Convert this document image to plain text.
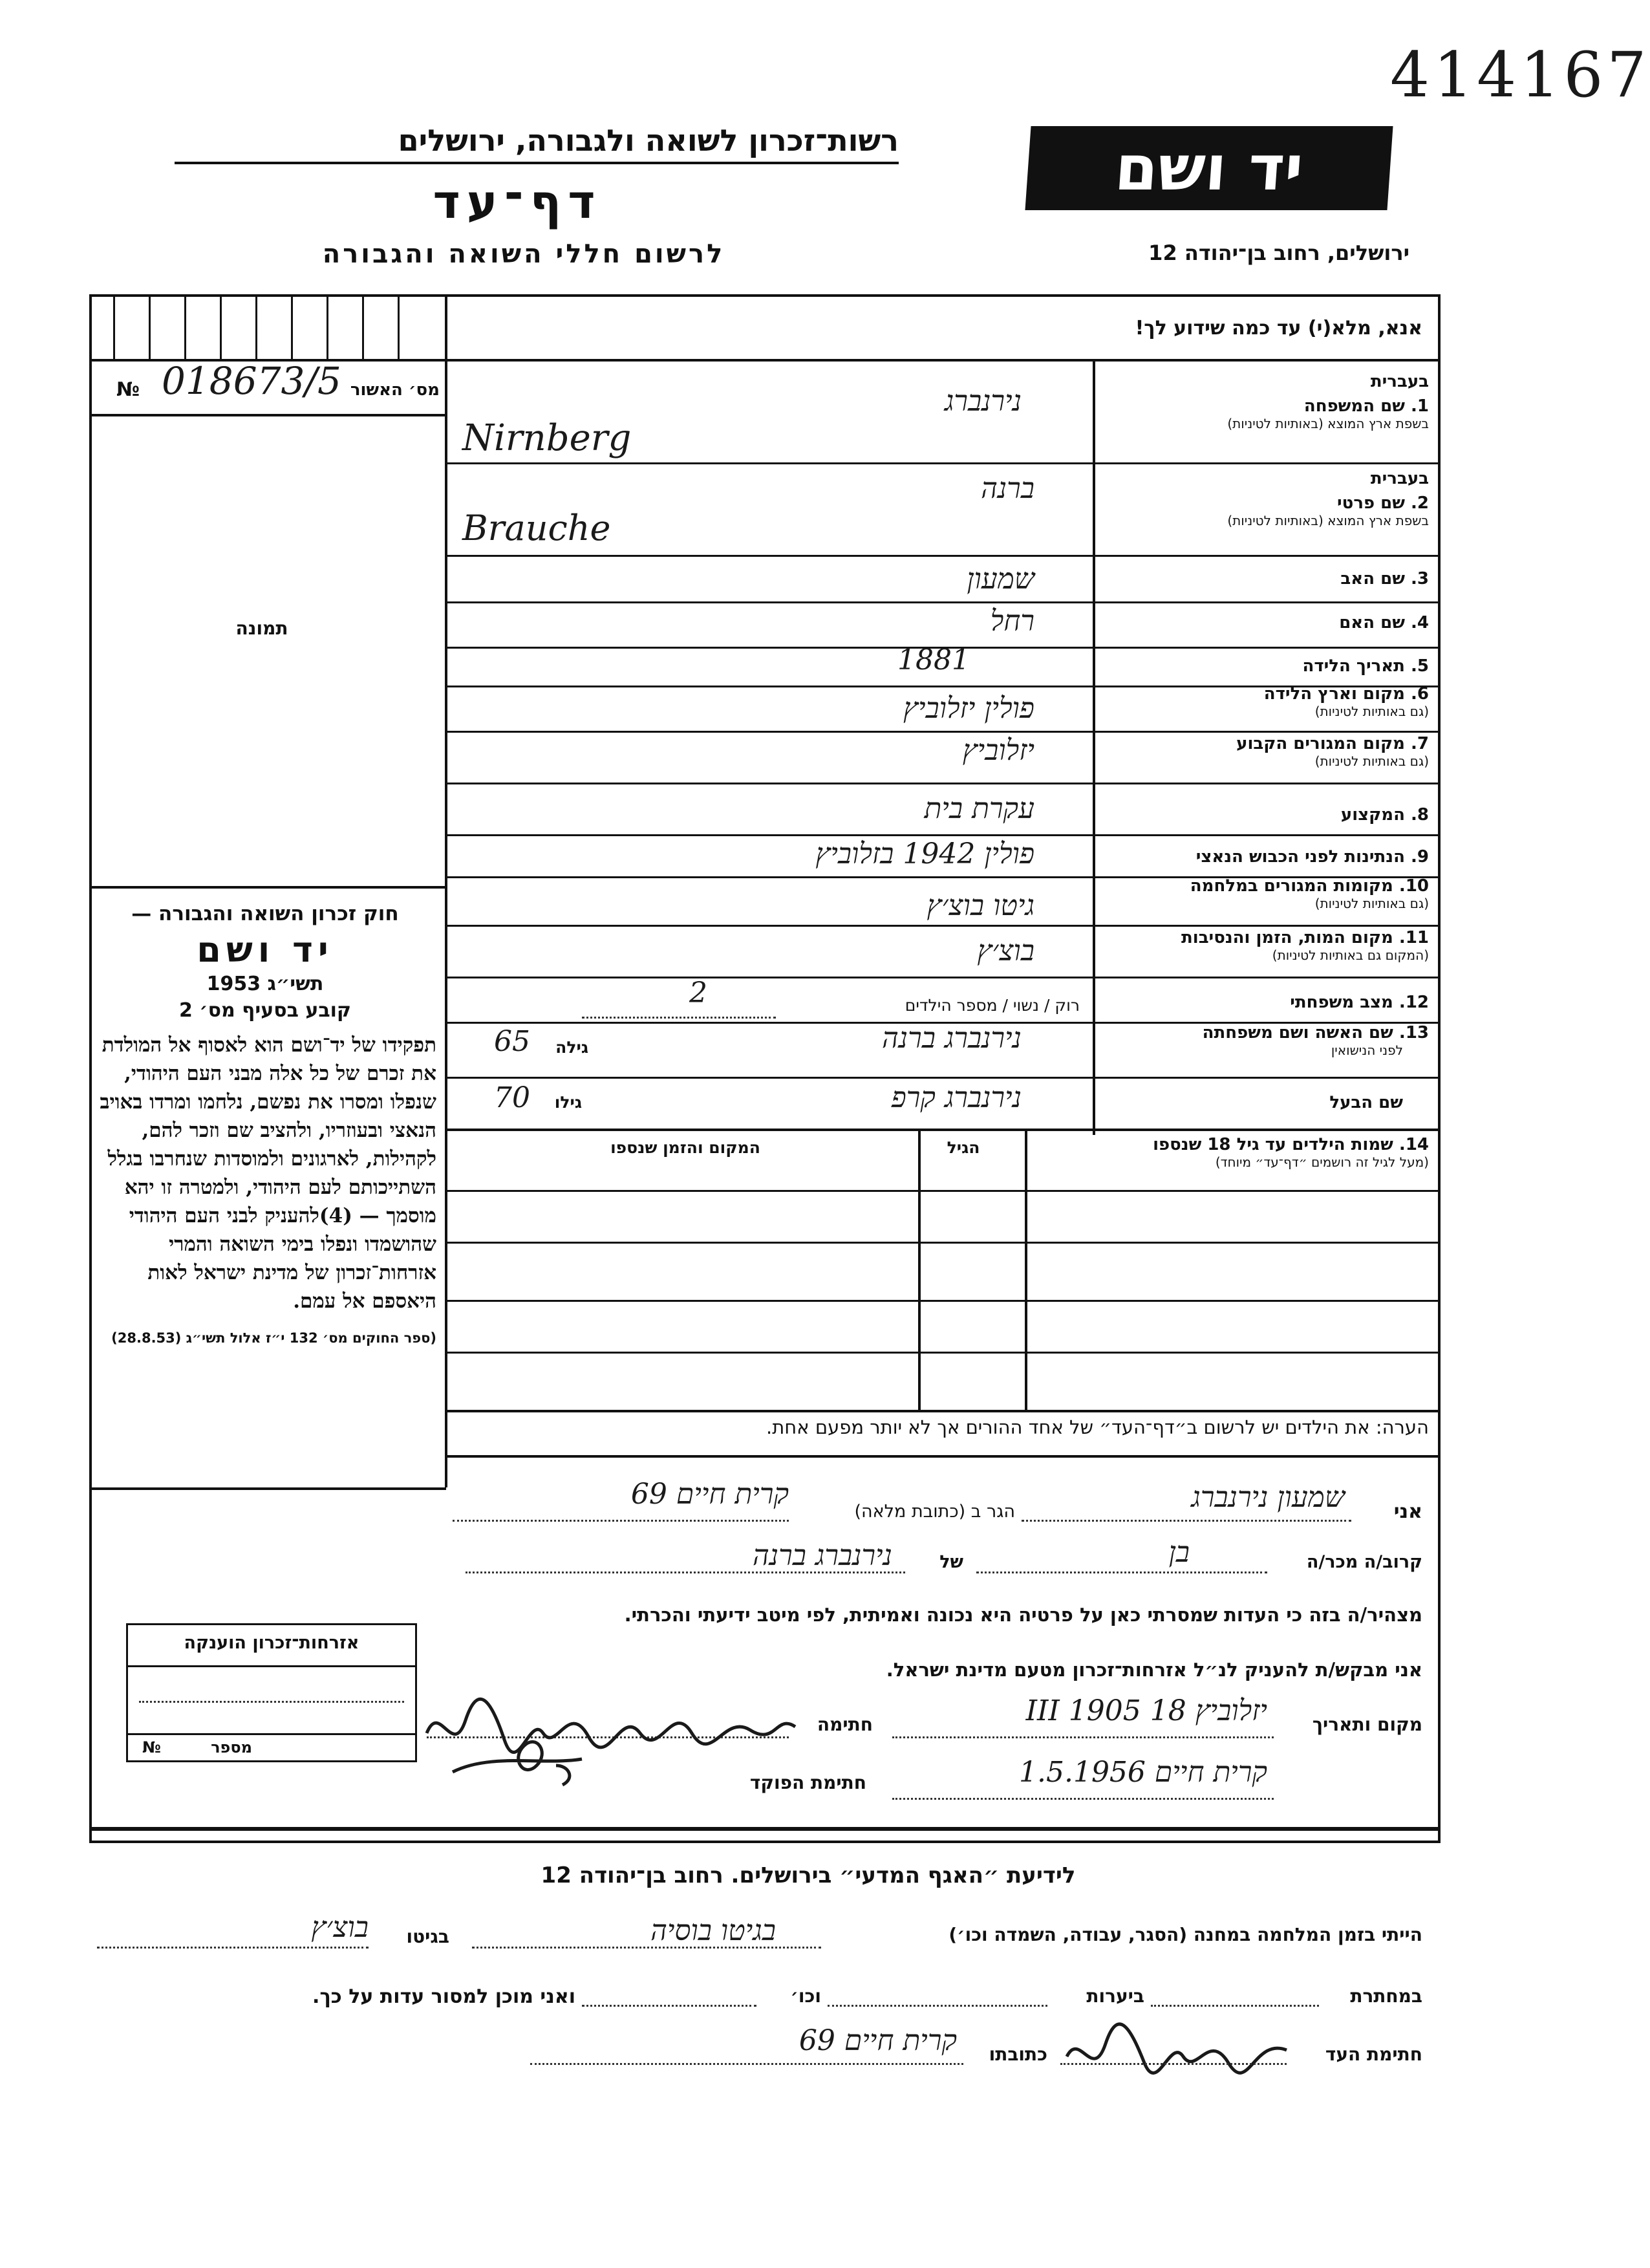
414167
רשות־זכרון לשואה ולגבורה, ירושלים
דף־עד
לרשום חללי השואה והגבורה
יד ושם
ירושלים, רחוב בן־יהודה 12
אנא, מלא(י) עד כמה שידוע לך!
№ 018673/5 מס׳ האשור
תמונה
חוק זכרון השואה והגבורה —
יד ושם
תשי״ג 1953
קובע בסעיף מס׳ 2
תפקידו של יד־ושם הוא לאסוף אל המולדת את זכרם של כל אלה מבני העם היהודי, שנפלו ומסרו את נפשם, נלחמו ומרדו באויב הנאצי ובעוזריו, ולהציב שם וזכר להם, לקהילות, לארגונים ולמוסדות שנחרבו בגלל השתייכותם לעם היהודי, ולמטרה זו יהא מוסמך — (4)להעניק לבני העם היהודי שהושמדו ונפלו בימי השואה והמרי אזרחות־זכרון של מדינת ישראל לאות היאספם אל עמם.
(ספר החוקים מס׳ 132 י״ז אלול תשי״ג (28.8.53)
בעברית
1. שם המשפחה
בשפת ארץ המוצא (באותיות לטיניות)
נירנברג
Nirnberg
בעברית
2. שם פרטי
בשפת ארץ המוצא (באותיות לטיניות)
ברנה
Brauche
3. שם האב
שמעון
4. שם האם
רחל
5. תאריך הלידה
1881
6. מקום וארץ הלידה
(גם באותיות לטיניות)
פולין יזלוביץ
7. מקום המגורים הקבוע
(גם באותיות לטיניות)
יזלוביץ
8. המקצוע
עקרת בית
9. הנתינות לפני הכבוש הנאצי
פולין 1942 בזלוביץ
10. מקומות המגורים במלחמה
(גם באותיות לטיניות)
גיטו בוצ׳ץ
11. מקום המות, הזמן והנסיבות
(המקום גם באותיות לטיניות)
בוצ׳ץ
12. מצב משפחתי
רוק / נשוי / מספר הילדים
2
13. שם האשה ושם משפחתה
לפני הנישואין
נירנברג ברנה
גילה
65
שם הבעל
נירנברג קרפ
גילו
70
14. שמות הילדים עד גיל 18 שנספו
(מעל לגיל זה רושמים ״דף־עד״ מיוחד)
הגיל
המקום והזמן שנספו
הערה: את הילדים יש לרשום ב״דף־העד״ של אחד ההורים אך לא יותר מפעם אחת.
אני
שמעון נירנברג
הגר ב (כתובת מלאה)
קרית חיים 69
קרוב/ה מכר/ה
בן
של
נירנברג ברנה
מצהיר/ה בזה כי העדות שמסרתי כאן על פרטיה היא נכונה ואמיתית, לפי מיטב ידיעתי והכרתי.
אזרחות־זכרון הוענקה
№	מספר
אני מבקש/ת להעניק לנ״ל אזרחות־זכרון מטעם מדינת ישראל.
מקום ותאריך
יזלוביץ 18 III 1905
חתימה
חתימת הפוקד	קרית חיים 1.5.1956
לידיעת ״האגף המדעי״ בירושלים. רחוב בן־יהודה 12
הייתי בזמן המלחמה במחנה (הסגר, עבודה, השמדה וכו׳)
בגיטו בוסיה
בגיטו
בוצ׳ץ
במחתרת
ביערות
וכו׳
ואני מוכן למסור עדות על כך.
חתימת העד
כתובתו
קרית חיים 69
